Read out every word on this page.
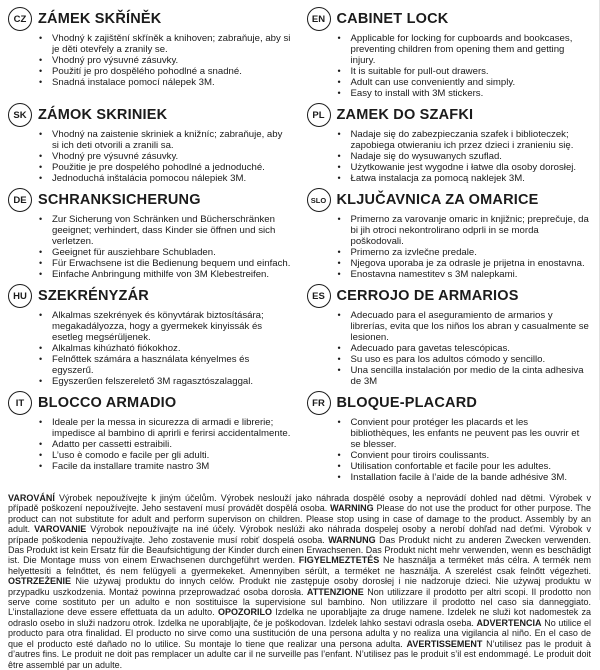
CZ ZÁMEK SKŘÍNĚK
• Vhodný k zajištění skříněk a knihoven; zabraňuje, aby si je děti otevřely a zranily se.
• Vhodný pro výsuvné zásuvky.
• Použití je pro dospělého pohodlné a snadné.
• Snadná instalace pomocí nálepek 3M.
EN CABINET LOCK
• Applicable for locking for cupboards and bookcases, preventing children from opening them and getting injury.
• It is suitable for pull-out drawers.
• Adult can use conveniently and simply.
• Easy to install with 3M stickers.
SK ZÁMOK SKRINIEK
• Vhodný na zaistenie skriniek a knižníc; zabraňuje, aby si ich deti otvorili a zranili sa.
• Vhodný pre výsuvné zásuvky.
• Použitie je pre dospelého pohodlné a jednoduché.
• Jednoduchá inštalácia pomocou nálepiek 3M.
PL ZAMEK DO SZAFKI
• Nadaje się do zabezpieczania szafek i biblioteczek; zapobiega otwieraniu ich przez dzieci i zranieniu się.
• Nadaje się do wysuwanych szuflad.
• Użytkowanie jest wygodne i łatwe dla osoby dorosłej.
• Łatwa instalacja za pomocą naklejek 3M.
DE SCHRANKSICHERUNG
• Zur Sicherung von Schränken und Bücherschränken geeignet; verhindert, dass Kinder sie öffnen und sich verletzen.
• Geeignet für ausziehbare Schubladen.
• Für Erwachsene ist die Bedienung bequem und einfach.
• Einfache Anbringung mithilfe von 3M Klebestreifen.
SLO KLJUČAVNICA ZA OMARICE
• Primerno za varovanje omaric in knjižnic; preprečuje, da bi jih otroci nekontrolirano odprli in se morda poškodovali.
• Primerno za izvlečne predale.
• Njegova uporaba je za odrasle je prijetna in enostavna.
• Enostavna namestitev s 3M nalepkami.
HU SZEKRÉNYZÁR
• Alkalmas szekrények és könyvtárak biztosítására; megakadályozza, hogy a gyermekek kinyissák és esetleg megsérüljenek.
• Alkalmas kihúzható fiókokhoz.
• Felnőttek számára a használata kényelmes és egyszerű.
• Egyszerűen felszerelető 3M ragasztószalaggal.
ES CERROJO DE ARMARIOS
• Adecuado para el aseguramiento de armarios y librerías, evita que los niños los abran y casualmente se lesionen.
• Adecuado para gavetas telescópicas.
• Su uso es para los adultos cómodo y sencillo.
• Una sencilla instalación por medio de la cinta adhesiva de 3M
IT BLOCCO ARMADIO
• Ideale per la messa in sicurezza di armadi e librerie; impedisce al bambino di aprirli e ferirsi accidentalmente.
• Adatto per cassetti estraibili.
• L’uso è comodo e facile per gli adulti.
• Facile da installare tramite nastro 3M
FR BLOQUE-PLACARD
• Convient pour protéger les placards et les bibliothèques, les enfants ne peuvent pas les ouvrir et se blesser.
• Convient pour tiroirs coulissants.
• Utilisation confortable et facile pour les adultes.
• Installation facile à l’aide de la bande adhésive 3M.

VAROVÁNÍ Výrobek nepoužívejte k jiným účelům. Výrobek neslouží jako náhrada dospělé osoby a neprovádí dohled nad dětmi. Výrobek v případě poškození nepoužívejte. Jeho sestavení musí provádět dospělá osoba. WARNING Please do not use the product for other purpose. The product can not substitute for adult and perform supervison on children. Please stop using in case of damage to the product. Assembly by an adult. VAROVANIE Výrobok nepoužívajte na iné účely. Výrobok neslúži ako náhrada dospelej osoby a nerobí dohľad nad deťmi. Výrobok v prípade poškodenia nepoužívajte. Jeho zostavenie musí robiť dospelá osoba. WARNUNG Das Produkt nicht zu anderen Zwecken verwenden. Das Produkt ist kein Ersatz für die Beaufsichtigung der Kinder durch einen Erwachsenen. Das Produkt nicht mehr verwenden, wenn es beschädigt ist. Die Montage muss von einem Erwachsenen durchgeführt werden. FIGYELMEZTETÉS Ne használja a terméket más célra. A termék nem helyettesíti a felnőttet, és nem felügyeli a gyermekeket. Amennyiben sérült, a terméket ne használja. A szerelést csak felnőtt végezheti. OSTRZEŻENIE Nie używaj produktu do innych celów. Produkt nie zastępuje osoby dorosłej i nie nadzoruje dzieci. Nie używaj produktu w przypadku uszkodzenia. Montaż powinna przeprowadzać osoba dorosła. ATTENZIONE Non utilizzare il prodotto per altri scopi. Il prodotto non serve come sostituto per un adulto e non sostituisce la supervisione sul bambino. Non utilizzare il prodotto nel caso sia danneggiato. L’installazione deve essere effettuata da un adulto. OPOZORILO Izdelka ne uporabljajte za druge namene. Izdelek ne služi kot nadomestek za odraslo osebo in služi nadzoru otrok. Izdelka ne uporabljajte, če je poškodovan. Izdelek lahko sestavi odrasla oseba. ADVERTENCIA No utilice el producto para otra finalidad. El producto no sirve como una sustitución de una persona adulta y no realiza una vigilancia al niño. En el caso de que el producto esté dañado no lo utilice. Su montaje lo tiene que realizar una persona adulta. AVERTISSEMENT N’utilisez pas le produit à d’autres fins. Le produit ne doit pas remplacer un adulte car il ne surveille pas l’enfant. N’utilisez pas le produit s’il est endommagé. Le produit doit être assemblé par un adulte.
